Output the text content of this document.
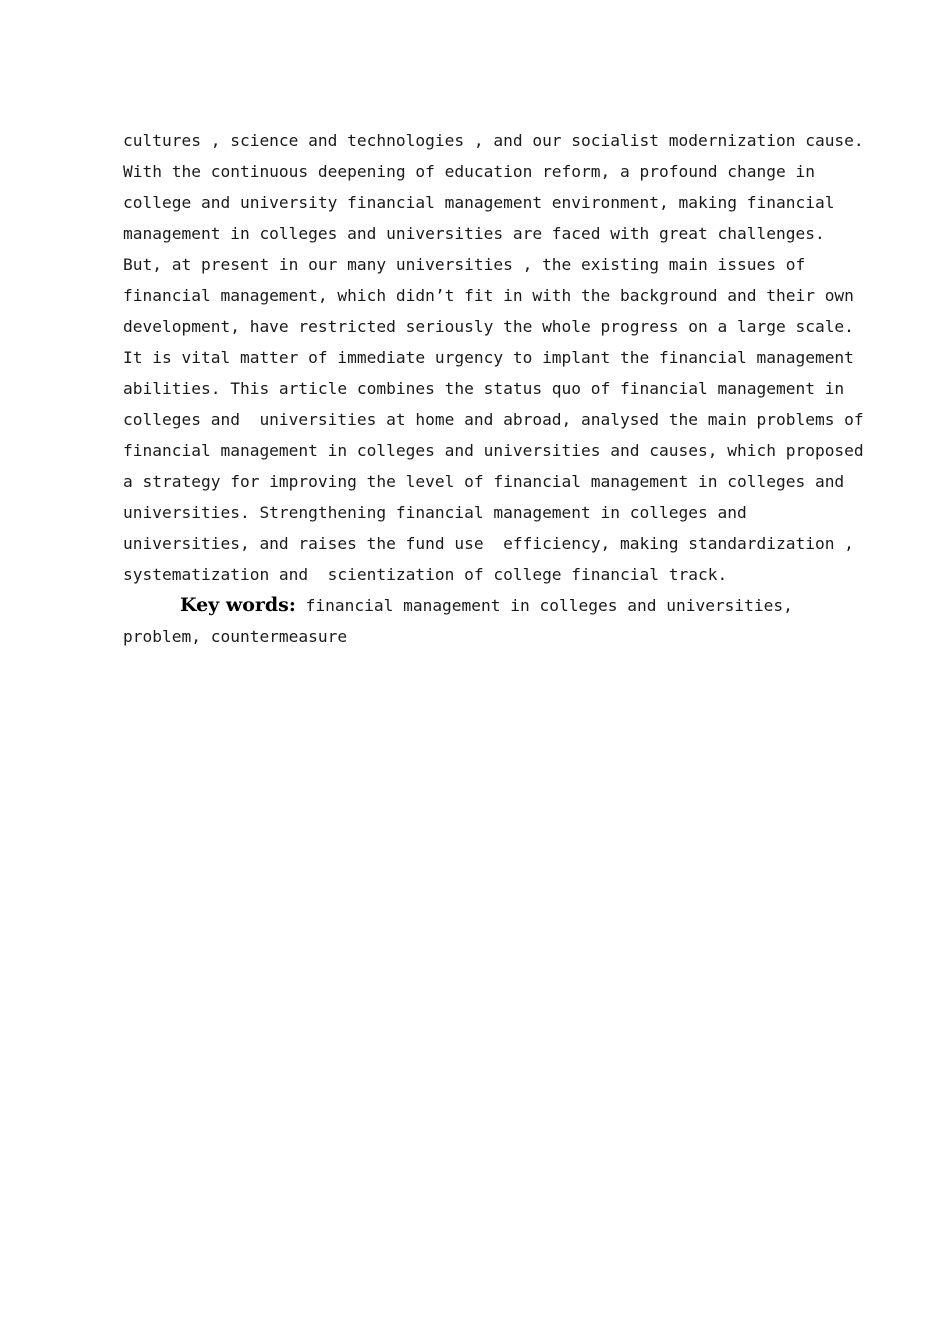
cultures , science and technologies , and our socialist modernization cause.
With the continuous deepening of education reform, a profound change in
college and university financial management environment, making financial
management in colleges and universities are faced with great challenges.
But, at present in our many universities , the existing main issues of
financial management, which didn’t fit in with the background and their own
development, have restricted seriously the whole progress on a large scale.
It is vital matter of immediate urgency to implant the financial management
abilities. This article combines the status quo of financial management in
colleges and  universities at home and abroad, analysed the main problems of
financial management in colleges and universities and causes, which proposed
a strategy for improving the level of financial management in colleges and
universities. Strengthening financial management in colleges and
universities, and raises the fund use  efficiency, making standardization ,
systematization and  scientization of college financial track.
Key words: financial management in colleges and universities,
problem, countermeasure
